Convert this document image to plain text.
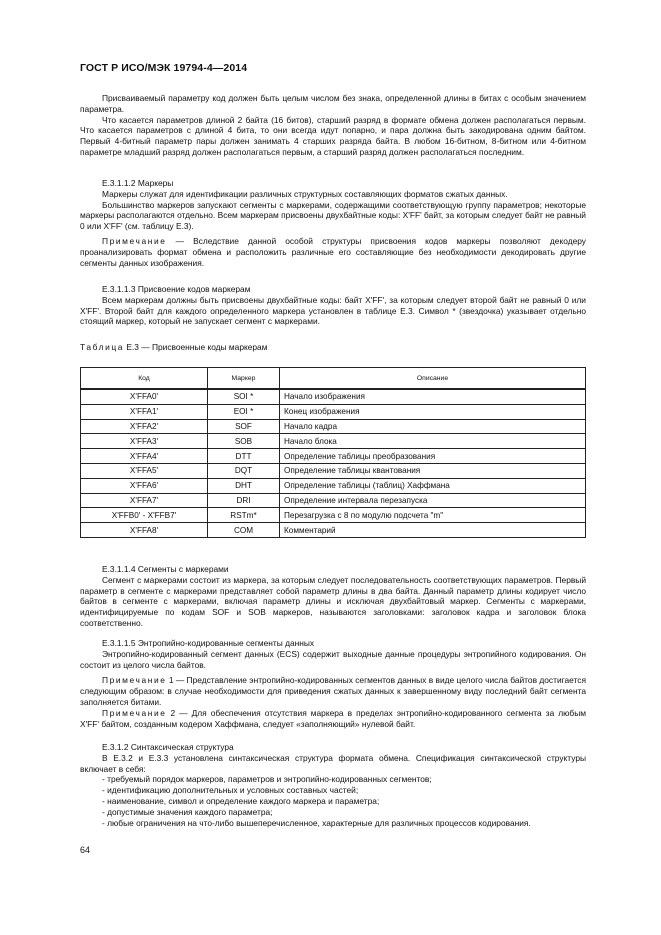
ГОСТ Р ИСО/МЭК 19794-4—2014

Присваиваемый параметру код должен быть целым числом без знака, определенной длины в битах с особым значением параметра.

Что касается параметров длиной 2 байта (16 битов), старший разряд в формате обмена должен располагаться первым. Что касается параметров с длиной 4 бита, то они всегда идут попарно, и пара должна быть закодирована одним байтом. Первый 4-битный параметр пары должен занимать 4 старших разряда байта. В любом 16-битном, 8-битном или 4-битном параметре младший разряд должен располагаться первым, а старший разряд должен располагаться последним.

E.3.1.1.2 Маркеры

Маркеры служат для идентификации различных структурных составляющих форматов сжатых данных.

Большинство маркеров запускают сегменты с маркерами, содержащими соответствующую группу параметров; некоторые маркеры располагаются отдельно. Всем маркерам присвоены двухбайтные коды: X'FF' байт, за которым следует байт не равный 0 или X'FF' (см. таблицу E.3).

Примечание — Вследствие данной особой структуры присвоения кодов маркеры позволяют декодеру проанализировать формат обмена и расположить различные его составляющие без необходимости декодировать другие сегменты данных изображения.

E.3.1.1.3 Присвоение кодов маркерам

Всем маркерам должны быть присвоены двухбайтные коды: байт X'FF', за которым следует второй байт не равный 0 или X'FF'. Второй байт для каждого определенного маркера установлен в таблице E.3. Символ * (звездочка) указывает отдельно стоящий маркер, который не запускает сегмент с маркерами.

Таблица E.3 — Присвоенные коды маркерам

Код	Маркер	Описание
X'FFA0'	SOI *	Начало изображения
X'FFA1'	EOI *	Конец изображения
X'FFA2'	SOF	Начало кадра
X'FFA3'	SOB	Начало блока
X'FFA4'	DTT	Определение таблицы преобразования
X'FFA5'	DQT	Определение таблицы квантования
X'FFA6'	DHT	Определение таблицы (таблиц) Хаффмана
X'FFA7'	DRI	Определение интервала перезапуска
X'FFB0' - X'FFB7'	RSTm*	Перезагрузка с 8 по модулю подсчета "m"
X'FFA8'	COM	Комментарий

E.3.1.1.4 Сегменты с маркерами

Сегмент с маркерами состоит из маркера, за которым следует последовательность соответствующих параметров. Первый параметр в сегменте с маркерами представляет собой параметр длины в два байта. Данный параметр длины кодирует число байтов в сегменте с маркерами, включая параметр длины и исключая двухбайтовый маркер. Сегменты с маркерами, идентифицируемые по кодам SOF и SOB маркеров, называются заголовками: заголовок кадра и заголовок блока соответственно.

E.3.1.1.5 Энтропийно-кодированные сегменты данных

Энтропийно-кодированный сегмент данных (ECS) содержит выходные данные процедуры энтропийного кодирования. Он состоит из целого числа байтов.

Примечание 1 — Представление энтропийно-кодированных сегментов данных в виде целого числа байтов достигается следующим образом: в случае необходимости для приведения сжатых данных к завершенному виду последний байт сегмента заполняется битами.

Примечание 2 — Для обеспечения отсутствия маркера в пределах энтропийно-кодированного сегмента за любым X'FF' байтом, созданным кодером Хаффмана, следует «заполняющий» нулевой байт.

E.3.1.2 Синтаксическая структура

В E.3.2 и E.3.3 установлена синтаксическая структура формата обмена. Спецификация синтаксической структуры включает в себя:

- требуемый порядок маркеров, параметров и энтропийно-кодированных сегментов;

- идентификацию дополнительных и условных составных частей;

- наименование, символ и определение каждого маркера и параметра;

- допустимые значения каждого параметра;

- любые ограничения на что-либо вышеперечисленное, характерные для различных процессов кодирования.

64
